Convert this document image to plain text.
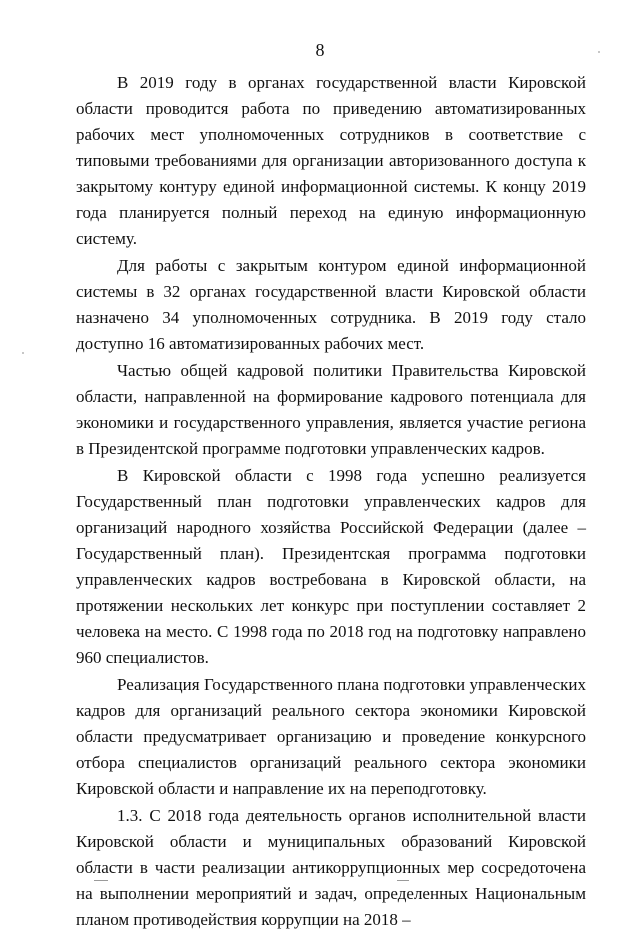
8

В 2019 году в органах государственной власти Кировской области проводится работа по приведению автоматизированных рабочих мест уполномоченных сотрудников в соответствие с типовыми требованиями для организации авторизованного доступа к закрытому контуру единой информационной системы. К концу 2019 года планируется полный переход на единую информационную систему.

Для работы с закрытым контуром единой информационной системы в 32 органах государственной власти Кировской области назначено 34 уполномоченных сотрудника. В 2019 году стало доступно 16 автоматизированных рабочих мест.

Частью общей кадровой политики Правительства Кировской области, направленной на формирование кадрового потенциала для экономики и государственного управления, является участие региона в Президентской программе подготовки управленческих кадров.

В Кировской области с 1998 года успешно реализуется Государственный план подготовки управленческих кадров для организаций народного хозяйства Российской Федерации (далее – Государственный план). Президентская программа подготовки управленческих кадров востребована в Кировской области, на протяжении нескольких лет конкурс при поступлении составляет 2 человека на место. С 1998 года по 2018 год на подготовку направлено 960 специалистов.

Реализация Государственного плана подготовки управленческих кадров для организаций реального сектора экономики Кировской области предусматривает организацию и проведение конкурсного отбора специалистов организаций реального сектора экономики Кировской области и направление их на переподготовку.

1.3. С 2018 года деятельность органов исполнительной власти Кировской области и муниципальных образований Кировской области в части реализации антикоррупционных мер сосредоточена на выполнении мероприятий и задач, определенных Национальным планом противодействия коррупции на 2018 –
